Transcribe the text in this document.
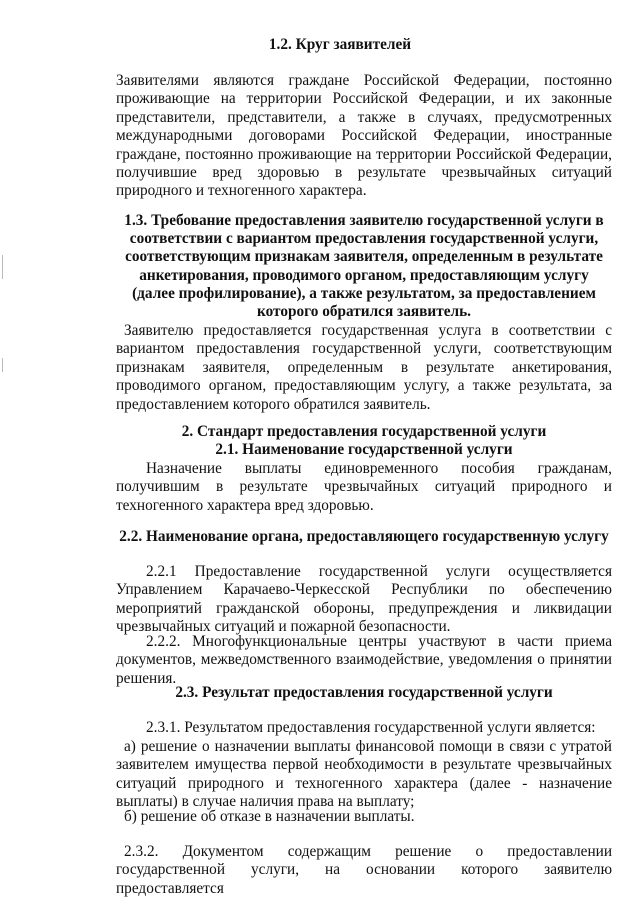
1.2. Круг заявителей

Заявителями являются граждане Российской Федерации, постоянно проживающие на территории Российской Федерации, и их законные представители, представители, а также в случаях, предусмотренных международными договорами Российской Федерации, иностранные граждане, постоянно проживающие на территории Российской Федерации, получившие вред здоровью в результате чрезвычайных ситуаций природного и техногенного характера.

1.3. Требование предоставления заявителю государственной услуги в соответствии с вариантом предоставления государственной услуги, соответствующим признакам заявителя, определенным в результате анкетирования, проводимого органом, предоставляющим услугу (далее профилирование), а также результатом, за предоставлением которого обратился заявитель.

Заявителю предоставляется государственная услуга в соответствии с вариантом предоставления государственной услуги, соответствующим признакам заявителя, определенным в результате анкетирования, проводимого органом, предоставляющим услугу, а также результата, за предоставлением которого обратился заявитель.

2. Стандарт предоставления государственной услуги

2.1. Наименование государственной услуги

Назначение выплаты единовременного пособия гражданам, получившим в результате чрезвычайных ситуаций природного и техногенного характера вред здоровью.

2.2. Наименование органа, предоставляющего государственную услугу

2.2.1 Предоставление государственной услуги осуществляется Управлением Карачаево-Черкесской Республики по обеспечению мероприятий гражданской обороны, предупреждения и ликвидации чрезвычайных ситуаций и пожарной безопасности.

2.2.2. Многофункциональные центры участвуют в части приема документов, межведомственного взаимодействие, уведомления о принятии решения.

2.3. Результат предоставления государственной услуги

2.3.1. Результатом предоставления государственной услуги является:

а) решение о назначении выплаты финансовой помощи в связи с утратой заявителем имущества первой необходимости в результате чрезвычайных ситуаций природного и техногенного характера (далее - назначение выплаты) в случае наличия права на выплату;

б) решение об отказе в назначении выплаты.

2.3.2. Документом содержащим решение о предоставлении государственной услуги, на основании которого заявителю предоставляется
